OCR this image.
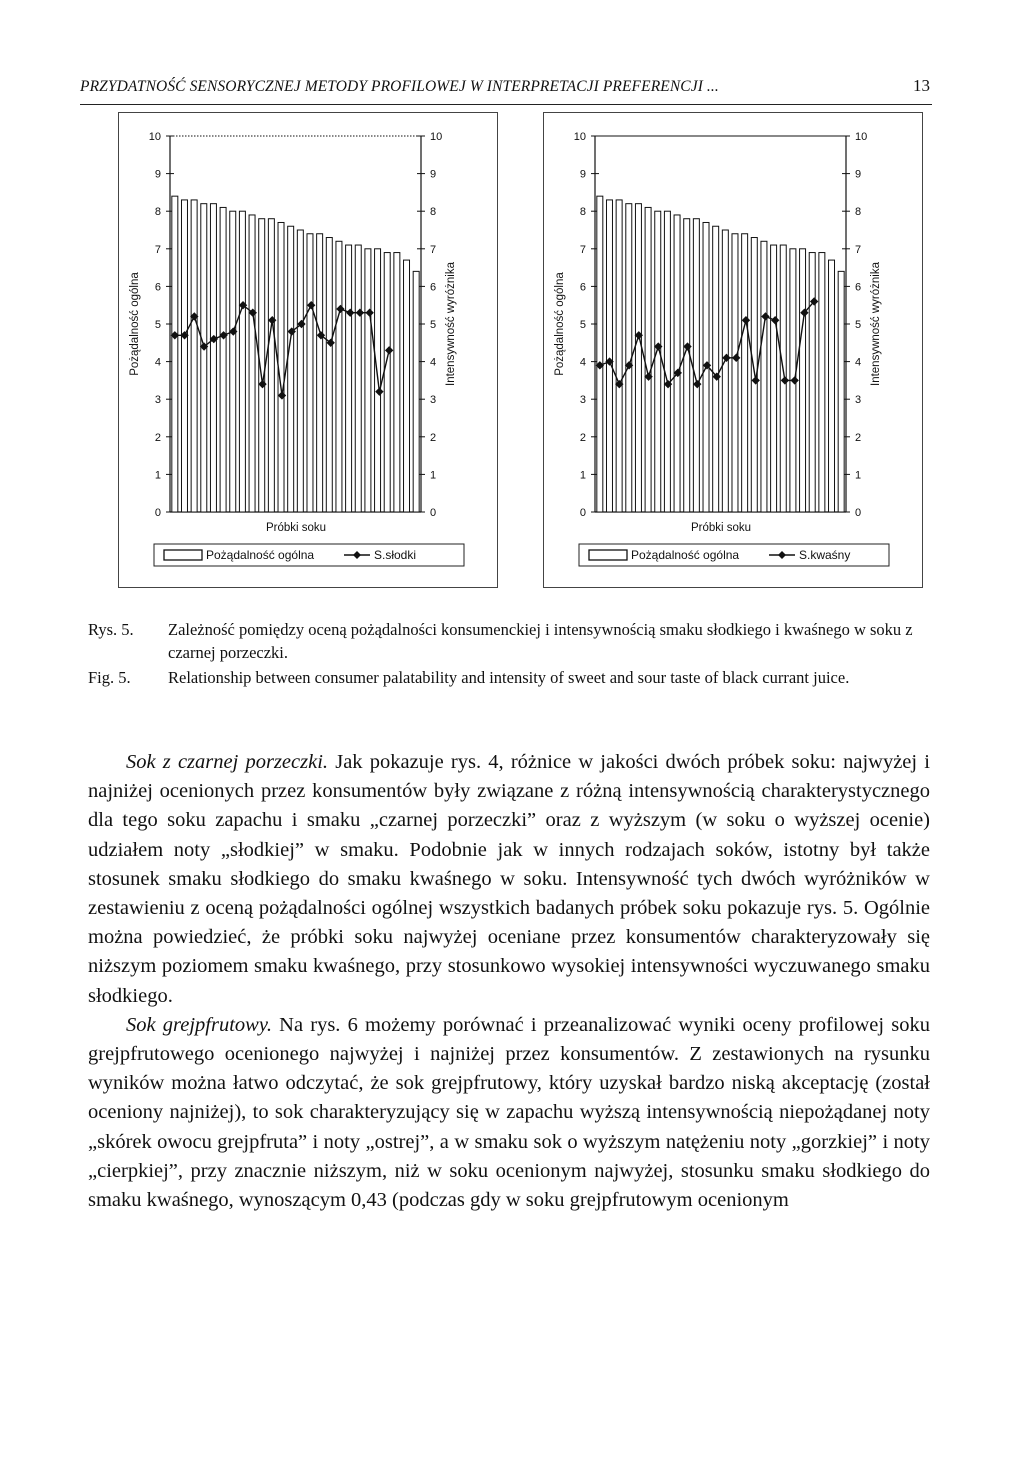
PRZYDATNOŚĆ SENSORYCZNEJ METODY PROFILOWEJ W INTERPRETACJI PREFERENCJI ...	13
0	0
1	1
2	2
3	3
4	4
5	5
6	6
7	7
8	8
9	9
10	10
Próbki soku
Pożądalność ogólna	Intensywność wyróżnika
Pożądalność ogólna	S.słodki
0	0
1	1
2	2
3	3
4	4
5	5
6	6
7	7
8	8
9	9
10	10
Próbki soku
Pożądalność ogólna	Intensywność wyróżnika
Pożądalność ogólna	S.kwaśny
Rys. 5. Zależność pomiędzy oceną pożądalności konsumenckiej i intensywnością smaku słodkiego i kwaśnego w soku z czarnej porzeczki.
Fig. 5. Relationship between consumer palatability and intensity of sweet and sour taste of black currant juice.

Sok z czarnej porzeczki. Jak pokazuje rys. 4, różnice w jakości dwóch próbek soku: najwyżej i najniżej ocenionych przez konsumentów były związane z różną intensywnością charakterystycznego dla tego soku zapachu i smaku „czarnej porzeczki” oraz z wyższym (w soku o wyższej ocenie) udziałem noty „słodkiej” w smaku. Podobnie jak w innych rodzajach soków, istotny był także stosunek smaku słodkiego do smaku kwaśnego w soku. Intensywność tych dwóch wyróżników w zestawieniu z oceną pożądalności ogólnej wszystkich badanych próbek soku pokazuje rys. 5. Ogólnie można powiedzieć, że próbki soku najwyżej oceniane przez konsumentów charakteryzowały się niższym poziomem smaku kwaśnego, przy stosunkowo wysokiej intensywności wyczuwanego smaku słodkiego.

Sok grejpfrutowy. Na rys. 6 możemy porównać i przeanalizować wyniki oceny profilowej soku grejpfrutowego ocenionego najwyżej i najniżej przez konsumentów. Z zestawionych na rysunku wyników można łatwo odczytać, że sok grejpfrutowy, który uzyskał bardzo niską akceptację (został oceniony najniżej), to sok charakteryzujący się w zapachu wyższą intensywnością niepożądanej noty „skórek owocu grejpfruta” i noty „ostrej”, a w smaku sok o wyższym natężeniu noty „gorzkiej” i noty „cierpkiej”, przy znacznie niższym, niż w soku ocenionym najwyżej, stosunku smaku słodkiego do smaku kwaśnego, wynoszącym 0,43 (podczas gdy w soku grejpfrutowym ocenionym
